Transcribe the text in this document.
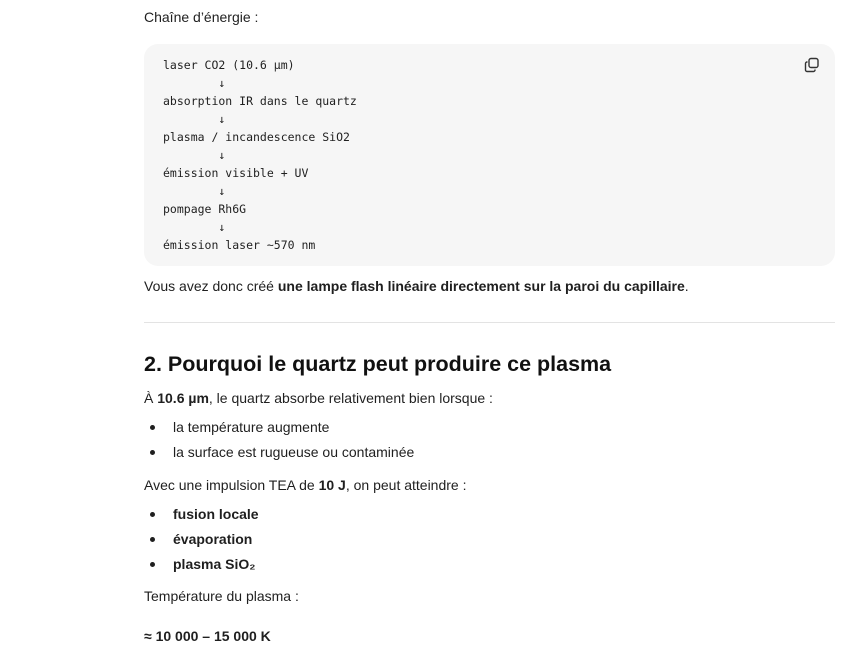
Chaîne d’énergie :

laser CO2 (10.6 µm)
↓
absorption IR dans le quartz
↓
plasma / incandescence SiO2
↓
émission visible + UV
↓
pompage Rh6G
↓
émission laser ~570 nm

Vous avez donc créé une lampe flash linéaire directement sur la paroi du capillaire.

2. Pourquoi le quartz peut produire ce plasma

À 10.6 µm, le quartz absorbe relativement bien lorsque :

la température augmente
la surface est rugueuse ou contaminée

Avec une impulsion TEA de 10 J, on peut atteindre :

fusion locale
évaporation
plasma SiO₂

Température du plasma :

≈ 10 000 – 15 000 K
